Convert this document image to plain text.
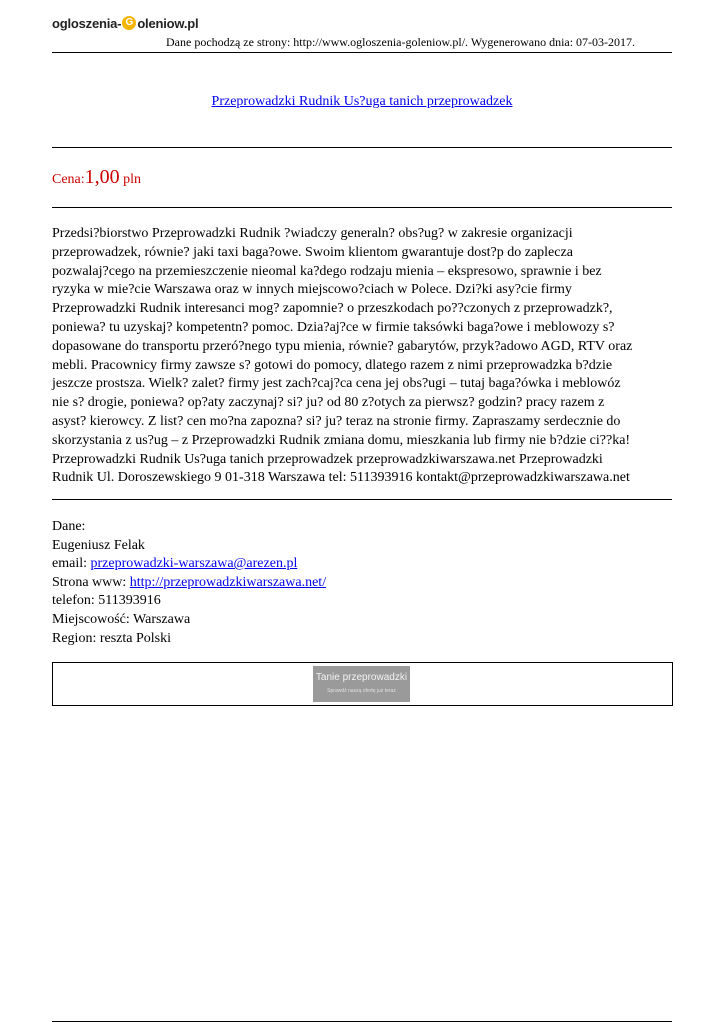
ogloszenia- G oleniow.pl
Dane pochodzą ze strony: http://www.ogloszenia-goleniow.pl/. Wygenerowano dnia: 07-03-2017.
Przeprowadzki Rudnik Us?uga tanich przeprowadzek
Cena:1,00 pln
Przedsi?biorstwo Przeprowadzki Rudnik ?wiadczy generaln? obs?ug? w zakresie organizacji
przeprowadzek, równie? jaki taxi baga?owe. Swoim klientom gwarantuje dost?p do zaplecza
pozwalaj?cego na przemieszczenie nieomal ka?dego rodzaju mienia – ekspresowo, sprawnie i bez
ryzyka w mie?cie Warszawa oraz w innych miejscowo?ciach w Polece. Dzi?ki asy?cie firmy
Przeprowadzki Rudnik interesanci mog? zapomnie? o przeszkodach po??czonych z przeprowadzk?,
poniewa? tu uzyskaj? kompetentn? pomoc. Dzia?aj?ce w firmie taksówki baga?owe i meblowozy s?
dopasowane do transportu przeró?nego typu mienia, równie? gabarytów, przyk?adowo AGD, RTV oraz
mebli. Pracownicy firmy zawsze s? gotowi do pomocy, dlatego razem z nimi przeprowadzka b?dzie
jeszcze prostsza. Wielk? zalet? firmy jest zach?caj?ca cena jej obs?ugi – tutaj baga?ówka i meblowóz
nie s? drogie, poniewa? op?aty zaczynaj? si? ju? od 80 z?otych za pierwsz? godzin? pracy razem z
asyst? kierowcy. Z list? cen mo?na zapozna? si? ju? teraz na stronie firmy. Zapraszamy serdecznie do
skorzystania z us?ug – z Przeprowadzki Rudnik zmiana domu, mieszkania lub firmy nie b?dzie ci??ka!
Przeprowadzki Rudnik Us?uga tanich przeprowadzek przeprowadzkiwarszawa.net Przeprowadzki
Rudnik Ul. Doroszewskiego 9 01-318 Warszawa tel: 511393916 kontakt@przeprowadzkiwarszawa.net
Dane:
Eugeniusz Felak
email: przeprowadzki-warszawa@arezen.pl
Strona www: http://przeprowadzkiwarszawa.net/
telefon: 511393916
Miejscowość: Warszawa
Region: reszta Polski
Tanie przeprowadzki
Sprawdź naszą ofertę już teraz
